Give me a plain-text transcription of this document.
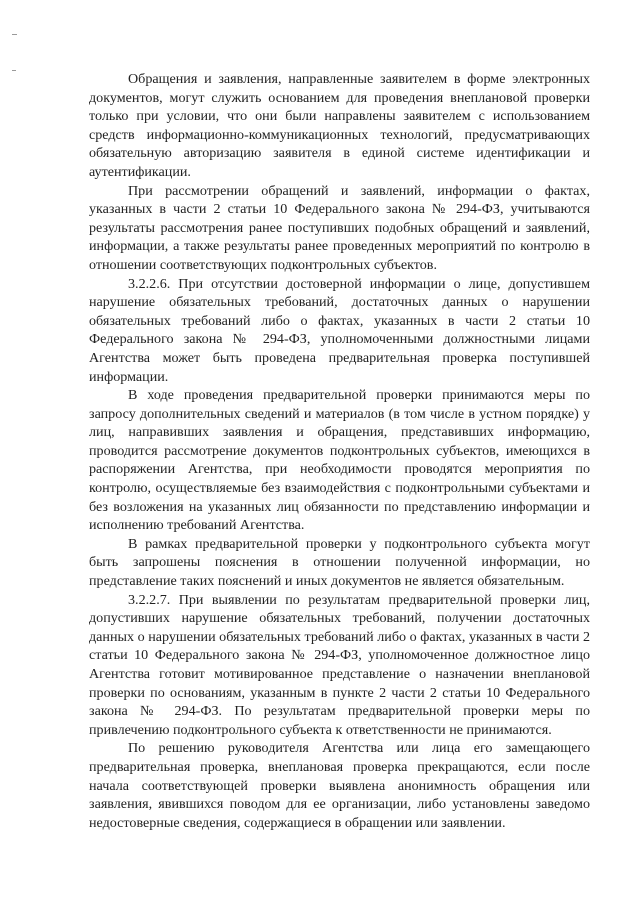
Обращения и заявления, направленные заявителем в форме электронных документов, могут служить основанием для проведения внеплановой проверки только при условии, что они были направлены заявителем с использованием средств информационно-коммуникационных технологий, предусматривающих обязательную авторизацию заявителя в единой системе идентификации и аутентификации.

При рассмотрении обращений и заявлений, информации о фактах, указанных в части 2 статьи 10 Федерального закона № 294-ФЗ, учитываются результаты рассмотрения ранее поступивших подобных обращений и заявлений, информации, а также результаты ранее проведенных мероприятий по контролю в отношении соответствующих подконтрольных субъектов.

3.2.2.6. При отсутствии достоверной информации о лице, допустившем нарушение обязательных требований, достаточных данных о нарушении обязательных требований либо о фактах, указанных в части 2 статьи 10 Федерального закона № 294-ФЗ, уполномоченными должностными лицами Агентства может быть проведена предварительная проверка поступившей информации.

В ходе проведения предварительной проверки принимаются меры по запросу дополнительных сведений и материалов (в том числе в устном порядке) у лиц, направивших заявления и обращения, представивших информацию, проводится рассмотрение документов подконтрольных субъектов, имеющихся в распоряжении Агентства, при необходимости проводятся мероприятия по контролю, осуществляемые без взаимодействия с подконтрольными субъектами и без возложения на указанных лиц обязанности по представлению информации и исполнению требований Агентства.

В рамках предварительной проверки у подконтрольного субъекта могут быть запрошены пояснения в отношении полученной информации, но представление таких пояснений и иных документов не является обязательным.

3.2.2.7. При выявлении по результатам предварительной проверки лиц, допустивших нарушение обязательных требований, получении достаточных данных о нарушении обязательных требований либо о фактах, указанных в части 2 статьи 10 Федерального закона № 294-ФЗ, уполномоченное должностное лицо Агентства готовит мотивированное представление о назначении внеплановой проверки по основаниям, указанным в пункте 2 части 2 статьи 10 Федерального закона № 294-ФЗ. По результатам предварительной проверки меры по привлечению подконтрольного субъекта к ответственности не принимаются.

По решению руководителя Агентства или лица его замещающего предварительная проверка, внеплановая проверка прекращаются, если после начала соответствующей проверки выявлена анонимность обращения или заявления, явившихся поводом для ее организации, либо установлены заведомо недостоверные сведения, содержащиеся в обращении или заявлении.
